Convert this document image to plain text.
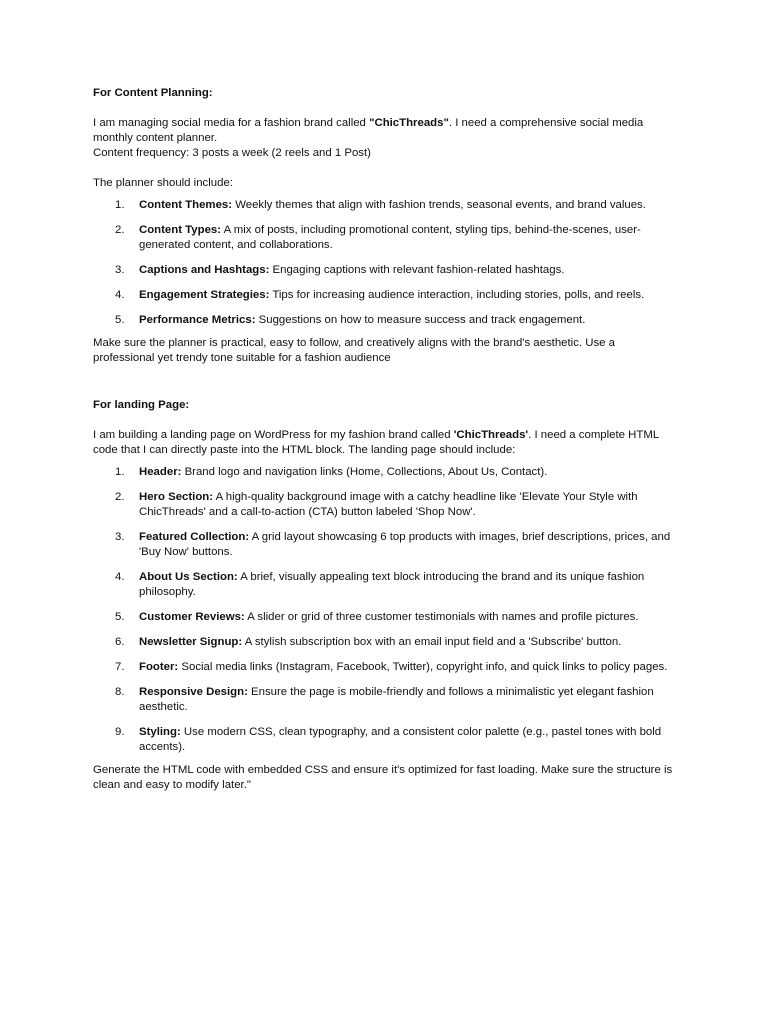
For Content Planning:

I am managing social media for a fashion brand called "ChicThreads". I need a comprehensive social media monthly content planner.

Content frequency: 3 posts a week (2 reels and 1 Post)

The planner should include:

1. Content Themes: Weekly themes that align with fashion trends, seasonal events, and brand values.
2. Content Types: A mix of posts, including promotional content, styling tips, behind-the-scenes, user-generated content, and collaborations.
3. Captions and Hashtags: Engaging captions with relevant fashion-related hashtags.
4. Engagement Strategies: Tips for increasing audience interaction, including stories, polls, and reels.
5. Performance Metrics: Suggestions on how to measure success and track engagement.

Make sure the planner is practical, easy to follow, and creatively aligns with the brand's aesthetic. Use a professional yet trendy tone suitable for a fashion audience

For landing Page:

I am building a landing page on WordPress for my fashion brand called 'ChicThreads'. I need a complete HTML code that I can directly paste into the HTML block. The landing page should include:

1. Header: Brand logo and navigation links (Home, Collections, About Us, Contact).
2. Hero Section: A high-quality background image with a catchy headline like 'Elevate Your Style with ChicThreads' and a call-to-action (CTA) button labeled 'Shop Now'.
3. Featured Collection: A grid layout showcasing 6 top products with images, brief descriptions, prices, and 'Buy Now' buttons.
4. About Us Section: A brief, visually appealing text block introducing the brand and its unique fashion philosophy.
5. Customer Reviews: A slider or grid of three customer testimonials with names and profile pictures.
6. Newsletter Signup: A stylish subscription box with an email input field and a 'Subscribe' button.
7. Footer: Social media links (Instagram, Facebook, Twitter), copyright info, and quick links to policy pages.
8. Responsive Design: Ensure the page is mobile-friendly and follows a minimalistic yet elegant fashion aesthetic.
9. Styling: Use modern CSS, clean typography, and a consistent color palette (e.g., pastel tones with bold accents).

Generate the HTML code with embedded CSS and ensure it's optimized for fast loading. Make sure the structure is clean and easy to modify later."
